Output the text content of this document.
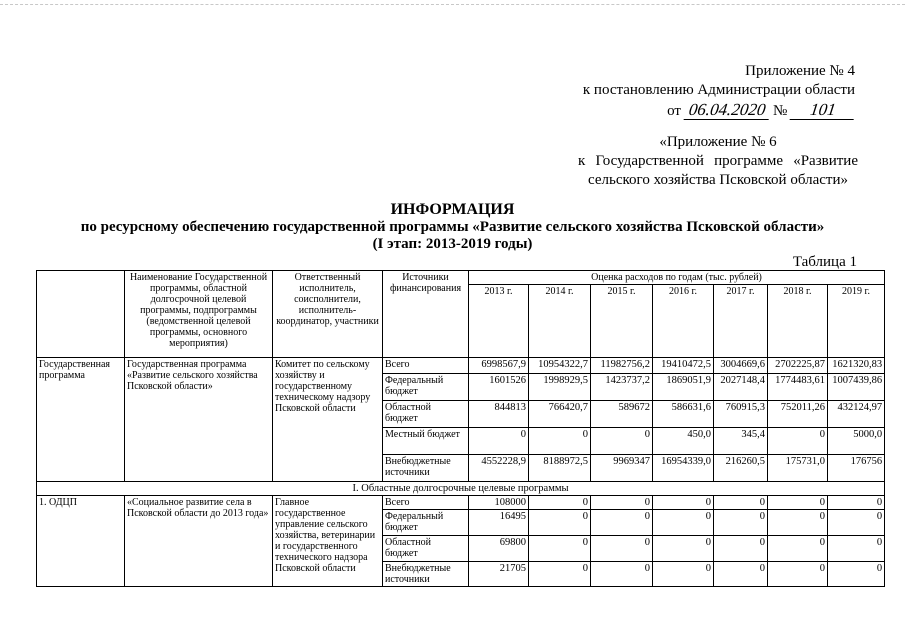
Приложение № 4
к постановлению Администрации области
от 06.04.2020 № 101
«Приложение № 6
к Государственной программе «Развитие
сельского хозяйства Псковской области»
ИНФОРМАЦИЯ
по ресурсному обеспечению государственной программы «Развитие сельского хозяйства Псковской области»
(I этап: 2013-2019 годы)
Таблица 1
	Наименование Государственной программы, областной долгосрочной целевой программы, подпрограммы (ведомственной целевой программы, основного мероприятия)	Ответственный исполнитель, соисполнители, исполнитель-координатор, участники	Источники финансирования	Оценка расходов по годам (тыс. рублей)						
				2013 г.	2014 г.	2015 г.	2016 г.	2017 г.	2018 г.	2019 г.
Государственная программа	Государственная программа «Развитие сельского хозяйства Псковской области»	Комитет по сельскому хозяйству и государственному техническому надзору Псковской области	Всего	6998567,9	10954322,7	11982756,2	19410472,5	3004669,6	2702225,87	1621320,83
			Федеральный бюджет	1601526	1998929,5	1423737,2	1869051,9	2027148,4	1774483,61	1007439,86
			Областной бюджет	844813	766420,7	589672	586631,6	760915,3	752011,26	432124,97
			Местный бюджет	0	0	0	450,0	345,4	0	5000,0
			Внебюджетные источники	4552228,9	8188972,5	9969347	16954339,0	216260,5	175731,0	176756
I. Областные долгосрочные целевые программы										
1. ОДЦП	«Социальное развитие села в Псковской области до 2013 года»	Главное государственное управление сельского хозяйства, ветеринарии и государственного технического надзора Псковской области	Всего	108000	0	0	0	0	0	0
			Федеральный бюджет	16495	0	0	0	0	0	0
			Областной бюджет	69800	0	0	0	0	0	0
			Внебюджетные источники	21705	0	0	0	0	0	0
